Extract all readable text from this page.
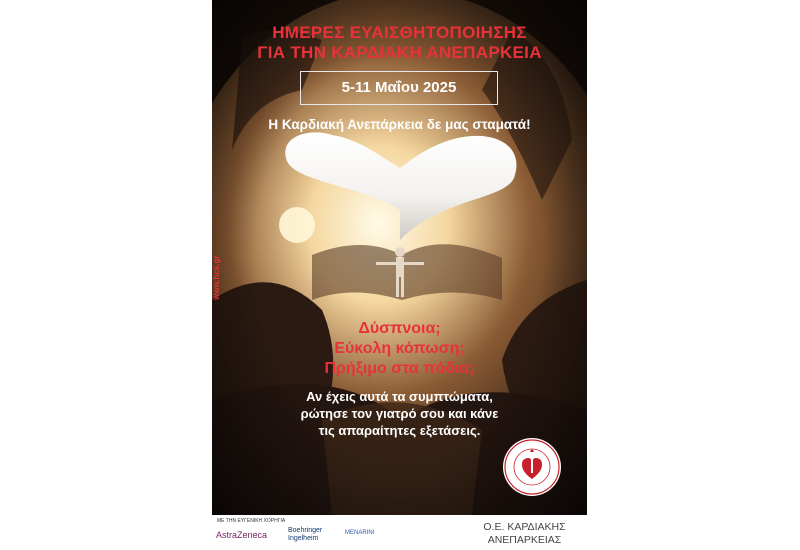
ΗΜΕΡΕΣ ΕΥΑΙΣΘΗΤΟΠΟΙΗΣΗΣ
ΓΙΑ ΤΗΝ ΚΑΡΔΙΑΚΗ ΑΝΕΠΑΡΚΕΙΑ
5-11 Μαΐου 2025
Η Καρδιακή Ανεπάρκεια δε μας σταματά!
www.hcs.gr
Δύσπνοια;
Εύκολη κόπωση;
Πρήξιμο στα πόδια;
Αν έχεις αυτά τα συμπτώματα,
ρώτησε τον γιατρό σου και κάνε
τις απαραίτητες εξετάσεις.
ΜΕ ΤΗΝ ΕΥΓΕΝΙΚΗ ΧΟΡΗΓΙΑ
AstraZeneca	Boehringer
Ingelheim
MENARINI	Ο.Ε. ΚΑΡΔΙΑΚΗΣ
ΑΝΕΠΑΡΚΕΙΑΣ
